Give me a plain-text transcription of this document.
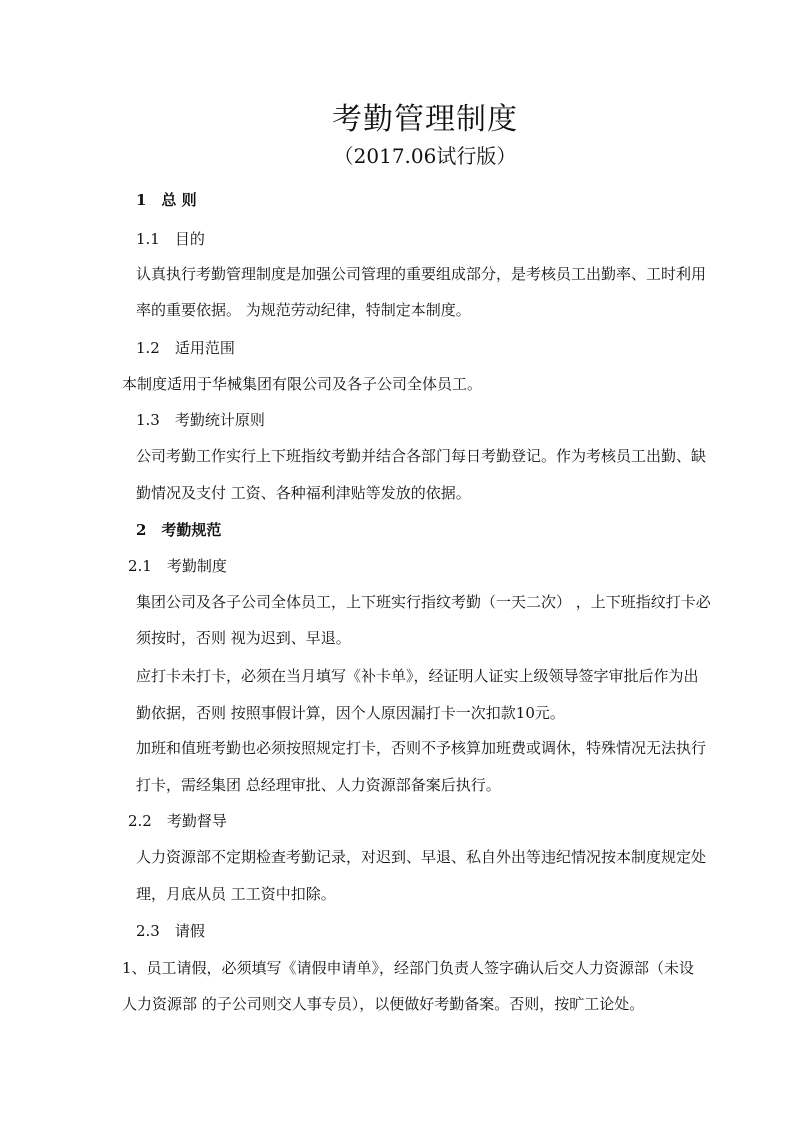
考勤管理制度
（2017.06试行版）
1　总 则
1.1　目的
认真执行考勤管理制度是加强公司管理的重要组成部分，是考核员工出勤率、工时利用
率的重要依据。 为规范劳动纪律，特制定本制度。
1.2　适用范围
本制度适用于华械集团有限公司及各子公司全体员工。
1.3　考勤统计原则
公司考勤工作实行上下班指纹考勤并结合各部门每日考勤登记。作为考核员工出勤、缺
勤情况及支付 工资、各种福利津贴等发放的依据。
2　考勤规范
2.1　考勤制度
集团公司及各子公司全体员工，上下班实行指纹考勤（一天二次） ，上下班指纹打卡必
须按时，否则 视为迟到、早退。
应打卡未打卡，必须在当月填写《补卡单》，经证明人证实上级领导签字审批后作为出
勤依据，否则 按照事假计算，因个人原因漏打卡一次扣款10元。
加班和值班考勤也必须按照规定打卡，否则不予核算加班费或调休，特殊情况无法执行
打卡，需经集团 总经理审批、人力资源部备案后执行。
2.2　考勤督导
人力资源部不定期检查考勤记录，对迟到、早退、私自外出等违纪情况按本制度规定处
理，月底从员 工工资中扣除。
2.3　请假
1、员工请假，必须填写《请假申请单》，经部门负责人签字确认后交人力资源部（未设
人力资源部 的子公司则交人事专员），以便做好考勤备案。否则，按旷工论处。
